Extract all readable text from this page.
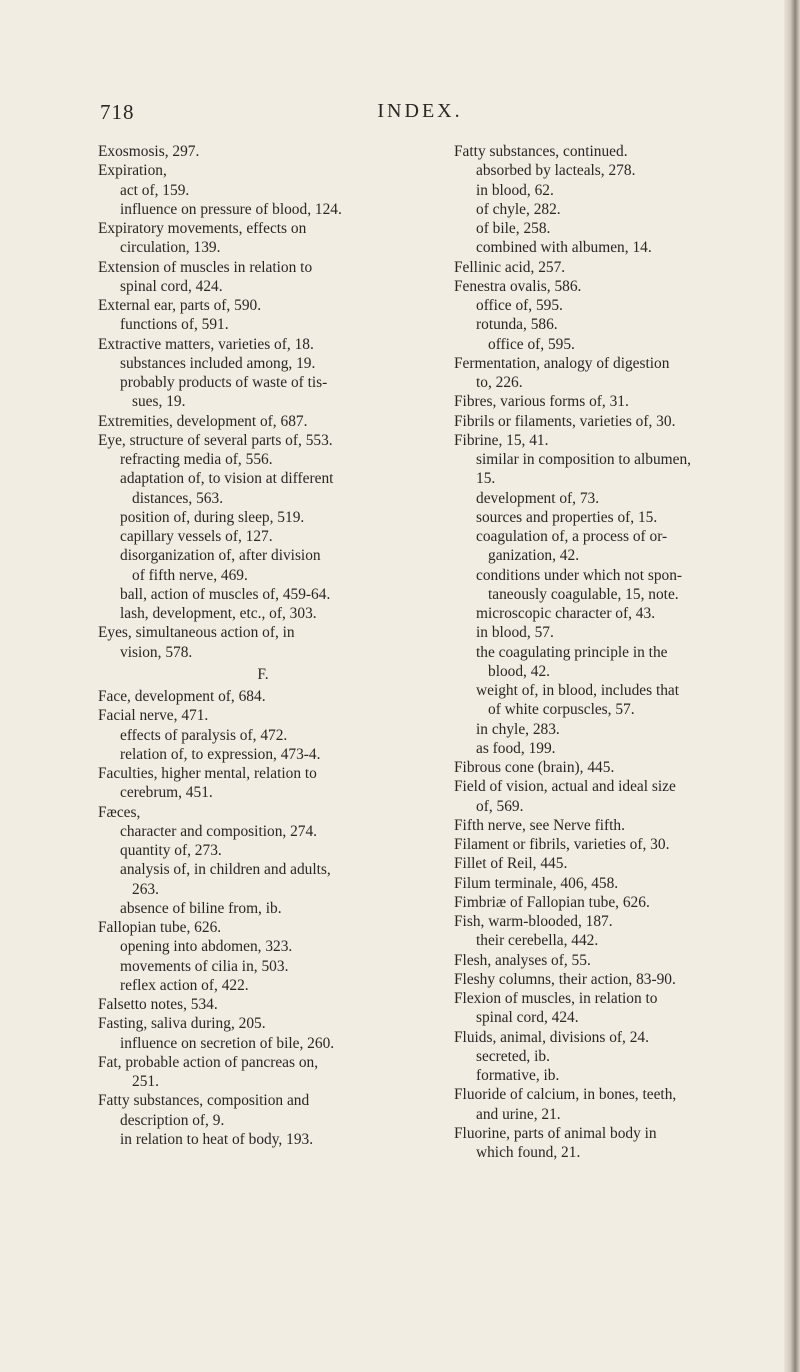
718	INDEX.
Exosmosis, 297.
Expiration,
act of, 159.
influence on pressure of blood, 124.
Expiratory movements, effects on
circulation, 139.
Extension of muscles in relation to
spinal cord, 424.
External ear, parts of, 590.
functions of, 591.
Extractive matters, varieties of, 18.
substances included among, 19.
probably products of waste of tis-
sues, 19.
Extremities, development of, 687.
Eye, structure of several parts of, 553.
refracting media of, 556.
adaptation of, to vision at different
distances, 563.
position of, during sleep, 519.
capillary vessels of, 127.
disorganization of, after division
of fifth nerve, 469.
ball, action of muscles of, 459-64.
lash, development, etc., of, 303.
Eyes, simultaneous action of, in
vision, 578.
F.
Face, development of, 684.
Facial nerve, 471.
effects of paralysis of, 472.
relation of, to expression, 473-4.
Faculties, higher mental, relation to
cerebrum, 451.
Fæces,
character and composition, 274.
quantity of, 273.
analysis of, in children and adults,
263.
absence of biline from, ib.
Fallopian tube, 626.
opening into abdomen, 323.
movements of cilia in, 503.
reflex action of, 422.
Falsetto notes, 534.
Fasting, saliva during, 205.
influence on secretion of bile, 260.
Fat, probable action of pancreas on,
251.
Fatty substances, composition and
description of, 9.
in relation to heat of body, 193.
Fatty substances, continued.
absorbed by lacteals, 278.
in blood, 62.
of chyle, 282.
of bile, 258.
combined with albumen, 14.
Fellinic acid, 257.
Fenestra ovalis, 586.
office of, 595.
rotunda, 586.
office of, 595.
Fermentation, analogy of digestion
to, 226.
Fibres, various forms of, 31.
Fibrils or filaments, varieties of, 30.
Fibrine, 15, 41.
similar in composition to albumen,
15.
development of, 73.
sources and properties of, 15.
coagulation of, a process of or-
ganization, 42.
conditions under which not spon-
taneously coagulable, 15, note.
microscopic character of, 43.
in blood, 57.
the coagulating principle in the
blood, 42.
weight of, in blood, includes that
of white corpuscles, 57.
in chyle, 283.
as food, 199.
Fibrous cone (brain), 445.
Field of vision, actual and ideal size
of, 569.
Fifth nerve, see Nerve fifth.
Filament or fibrils, varieties of, 30.
Fillet of Reil, 445.
Filum terminale, 406, 458.
Fimbriæ of Fallopian tube, 626.
Fish, warm-blooded, 187.
their cerebella, 442.
Flesh, analyses of, 55.
Fleshy columns, their action, 83-90.
Flexion of muscles, in relation to
spinal cord, 424.
Fluids, animal, divisions of, 24.
secreted, ib.
formative, ib.
Fluoride of calcium, in bones, teeth,
and urine, 21.
Fluorine, parts of animal body in
which found, 21.
